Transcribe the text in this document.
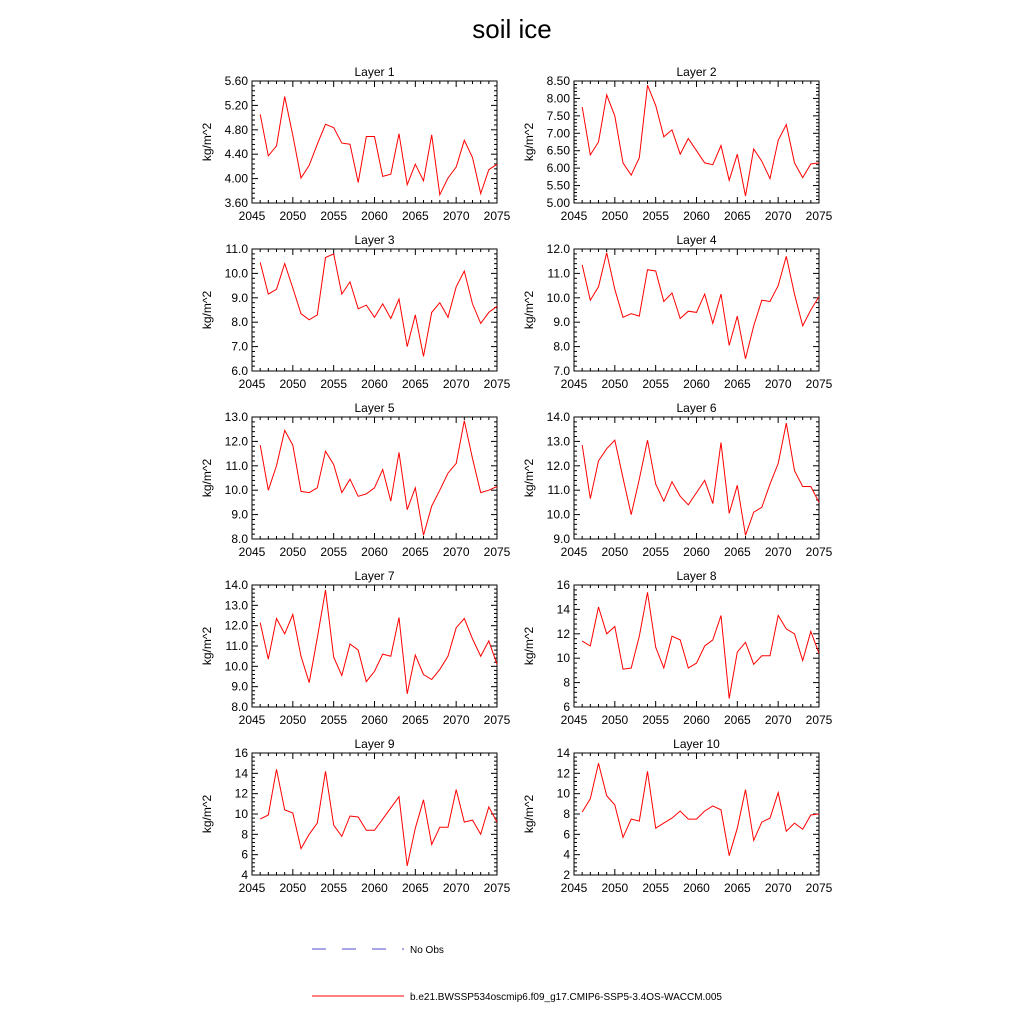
soil ice
Layer 1
kg/m^2
3.60
4.00
4.40
4.80
5.20
5.60
2045 2050 2055 2060 2065 2070 2075
Layer 2
kg/m^2
5.00
5.50
6.00
6.50
7.00
7.50
8.00
8.50
2045 2050 2055 2060 2065 2070 2075
Layer 3
kg/m^2
6.0
7.0
8.0
9.0
10.0
11.0
2045 2050 2055 2060 2065 2070 2075
Layer 4
kg/m^2
7.0
8.0
9.0
10.0
11.0
12.0
2045 2050 2055 2060 2065 2070 2075
Layer 5
kg/m^2
8.0
9.0
10.0
11.0
12.0
13.0
2045 2050 2055 2060 2065 2070 2075
Layer 6
kg/m^2
9.0
10.0
11.0
12.0
13.0
14.0
2045 2050 2055 2060 2065 2070 2075
Layer 7
kg/m^2
8.0
9.0
10.0
11.0
12.0
13.0
14.0
2045 2050 2055 2060 2065 2070 2075
Layer 8
kg/m^2
6
8
10
12
14
16
2045 2050 2055 2060 2065 2070 2075
Layer 9
kg/m^2
4
6
8
10
12
14
16
2045 2050 2055 2060 2065 2070 2075
Layer 10
kg/m^2
2
4
6
8
10
12
14
2045 2050 2055 2060 2065 2070 2075
No Obs
b.e21.BWSSP534oscmip6.f09_g17.CMIP6-SSP5-3.4OS-WACCM.005
